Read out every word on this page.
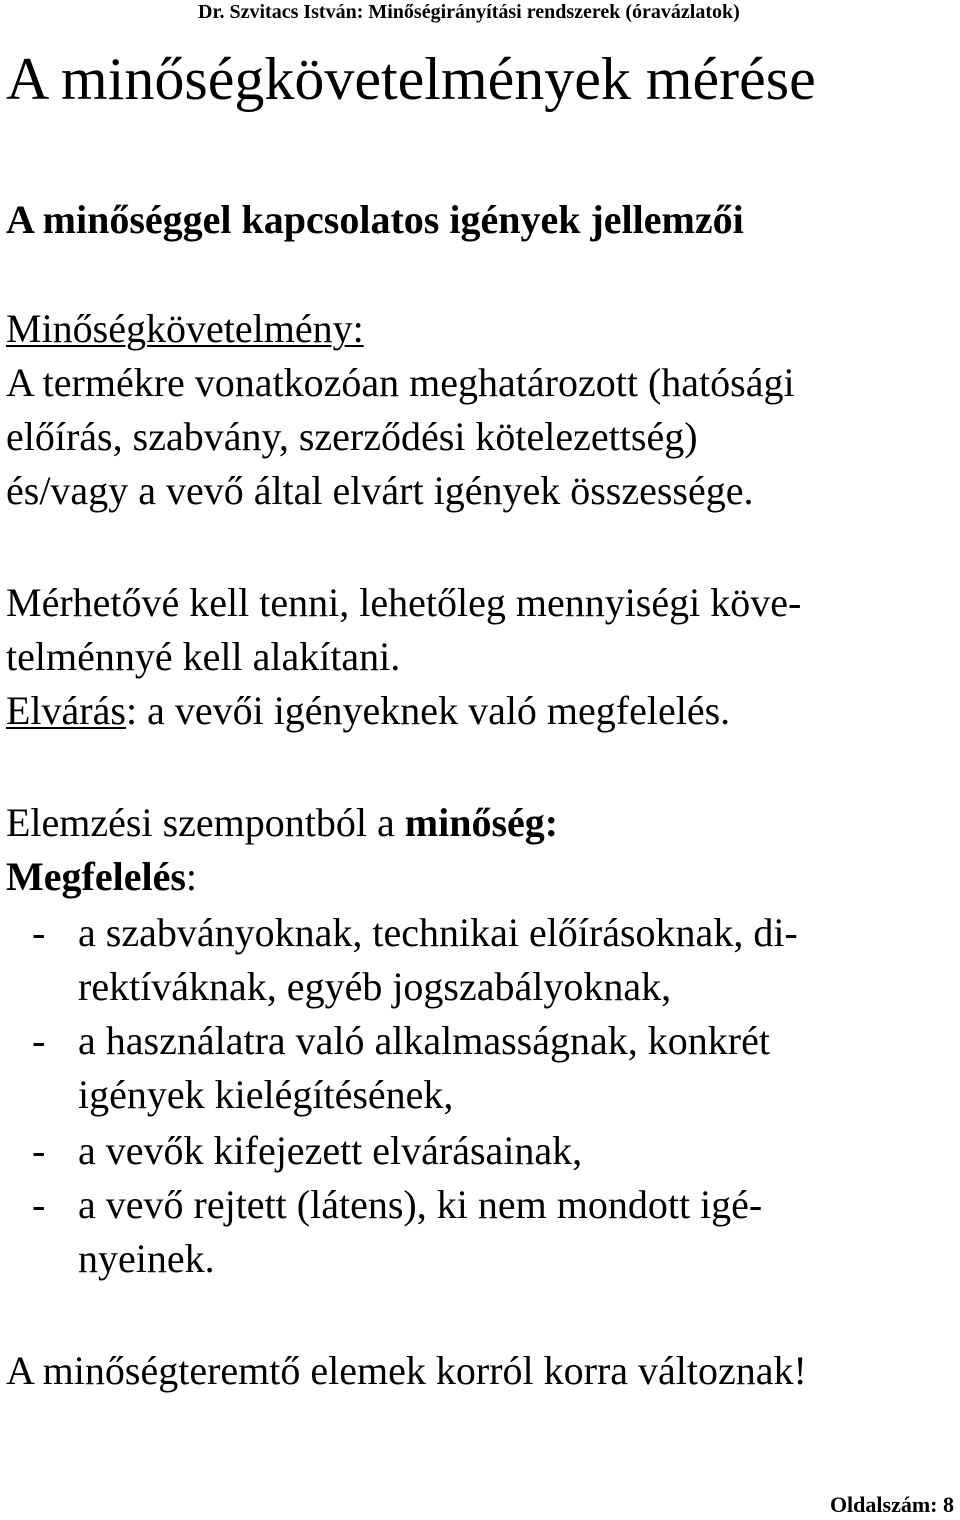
Dr. Szvitacs István: Minőségirányítási rendszerek (óravázlatok)
A minőségkövetelmények mérése
A minőséggel kapcsolatos igények jellemzői
Minőségkövetelmény:
A termékre vonatkozóan meghatározott (hatósági
előírás, szabvány, szerződési kötelezettség)
és/vagy a vevő által elvárt igények összessége.
Mérhetővé kell tenni, lehetőleg mennyiségi köve-
telménnyé kell alakítani.
Elvárás: a vevői igényeknek való megfelelés.
Elemzési szempontból a minőség:
Megfelelés:
- a szabványoknak, technikai előírásoknak, di-
rektíváknak, egyéb jogszabályoknak,
- a használatra való alkalmasságnak, konkrét
igények kielégítésének,
- a vevők kifejezett elvárásainak,
- a vevő rejtett (látens), ki nem mondott igé-
nyeinek.
A minőségteremtő elemek korról korra változnak!
Oldalszám: 8
